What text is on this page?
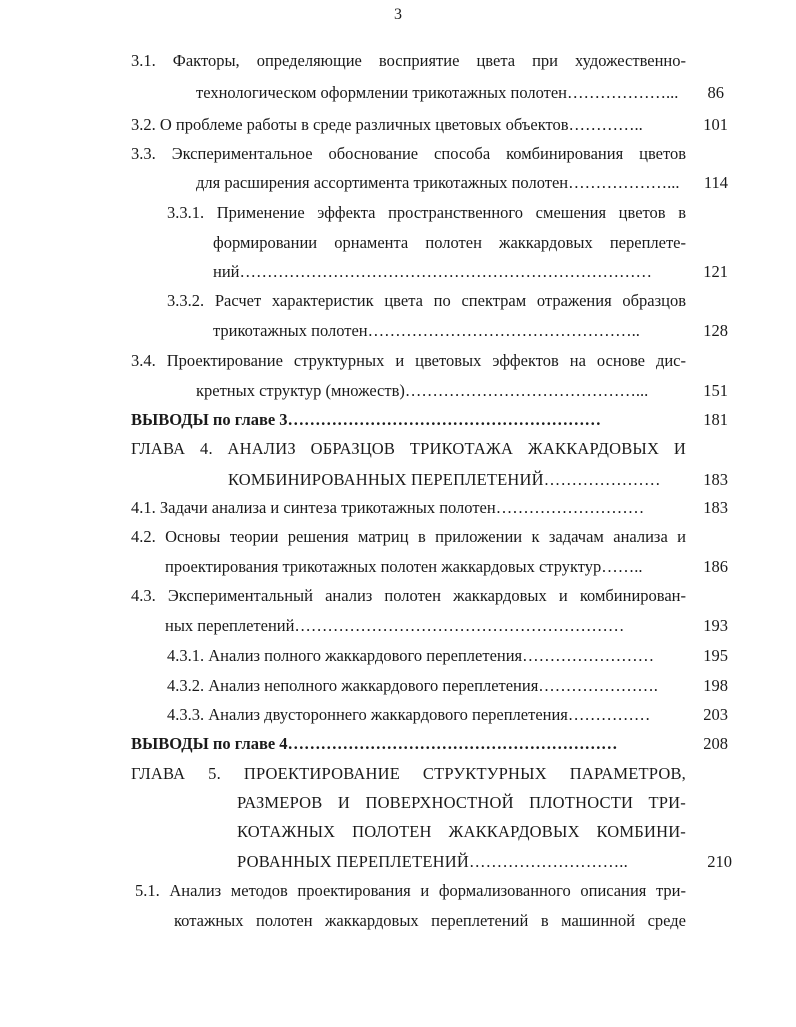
3
3.1. Факторы, определяющие восприятие цвета при художественно-
технологическом оформлении трикотажных полотен………………...	86
3.2. О проблеме работы в среде различных цветовых объектов…………..	101
3.3. Экспериментальное обоснование способа комбинирования цветов
для расширения ассортимента трикотажных полотен………………...	114
3.3.1. Применение эффекта пространственного смешения цветов в
формировании орнамента полотен жаккардовых переплете-
ний…………………………………………………………………	121
3.3.2. Расчет характеристик цвета по спектрам отражения образцов
трикотажных полотен…………………………………………..	128
3.4. Проектирование структурных и цветовых эффектов на основе дис-
кретных структур (множеств)……………………………………...	151
ВЫВОДЫ по главе 3…………………………………………………	181
ГЛАВА 4. АНАЛИЗ ОБРАЗЦОВ ТРИКОТАЖА ЖАККАРДОВЫХ И
КОМБИНИРОВАННЫХ ПЕРЕПЛЕТЕНИЙ…………………	183
4.1. Задачи анализа и синтеза трикотажных полотен………………………	183
4.2. Основы теории решения матриц в приложении к задачам анализа и
проектирования трикотажных полотен жаккардовых структур……..	186
4.3. Экспериментальный анализ полотен жаккардовых и комбинирован-
ных переплетений……………………………………………………	193
4.3.1. Анализ полного жаккардового переплетения……………………	195
4.3.2. Анализ неполного жаккардового переплетения………………….	198
4.3.3. Анализ двустороннего жаккардового переплетения……………	203
ВЫВОДЫ по главе 4……………………………………………………	208
ГЛАВА 5. ПРОЕКТИРОВАНИЕ СТРУКТУРНЫХ ПАРАМЕТРОВ,
РАЗМЕРОВ И ПОВЕРХНОСТНОЙ ПЛОТНОСТИ ТРИ-
КОТАЖНЫХ ПОЛОТЕН ЖАККАРДОВЫХ КОМБИНИ-
РОВАННЫХ ПЕРЕПЛЕТЕНИЙ………………………..	210
5.1. Анализ методов проектирования и формализованного описания три-
котажных полотен жаккардовых переплетений в машинной среде
